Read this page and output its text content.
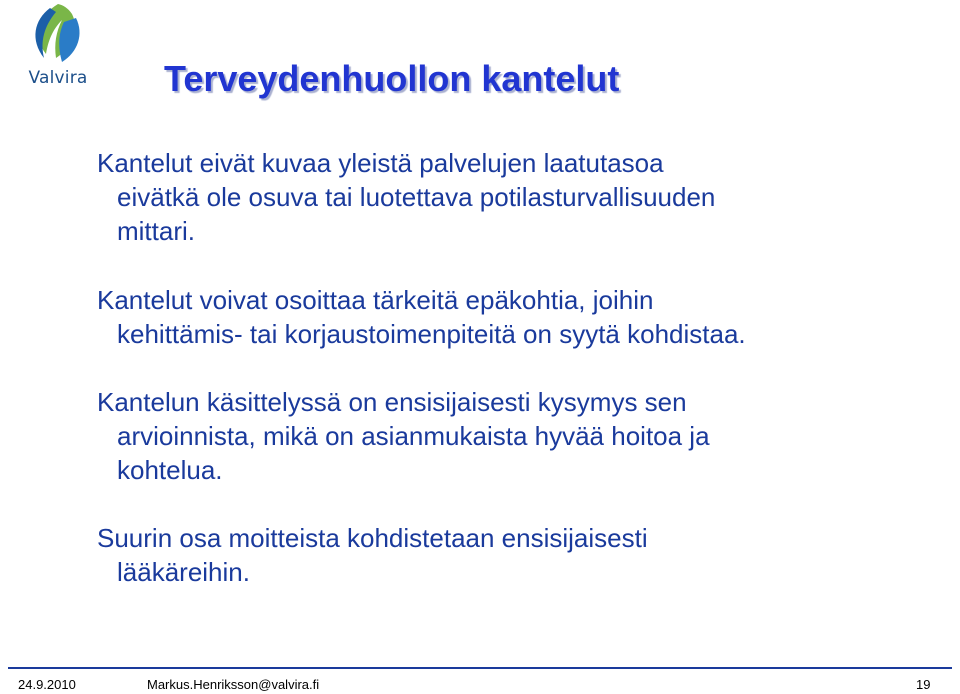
Valvira Terveydenhuollon kantelut

Kantelut eivät kuvaa yleistä palvelujen laatutasoa
eivätkä ole osuva tai luotettava potilasturvallisuuden
mittari.

Kantelut voivat osoittaa tärkeitä epäkohtia, joihin
kehittämis- tai korjaustoimenpiteitä on syytä kohdistaa.

Kantelun käsittelyssä on ensisijaisesti kysymys sen
arvioinnista, mikä on asianmukaista hyvää hoitoa ja
kohtelua.

Suurin osa moitteista kohdistetaan ensisijaisesti
lääkäreihin.

24.9.2010	Markus.Henriksson@valvira.fi	19
